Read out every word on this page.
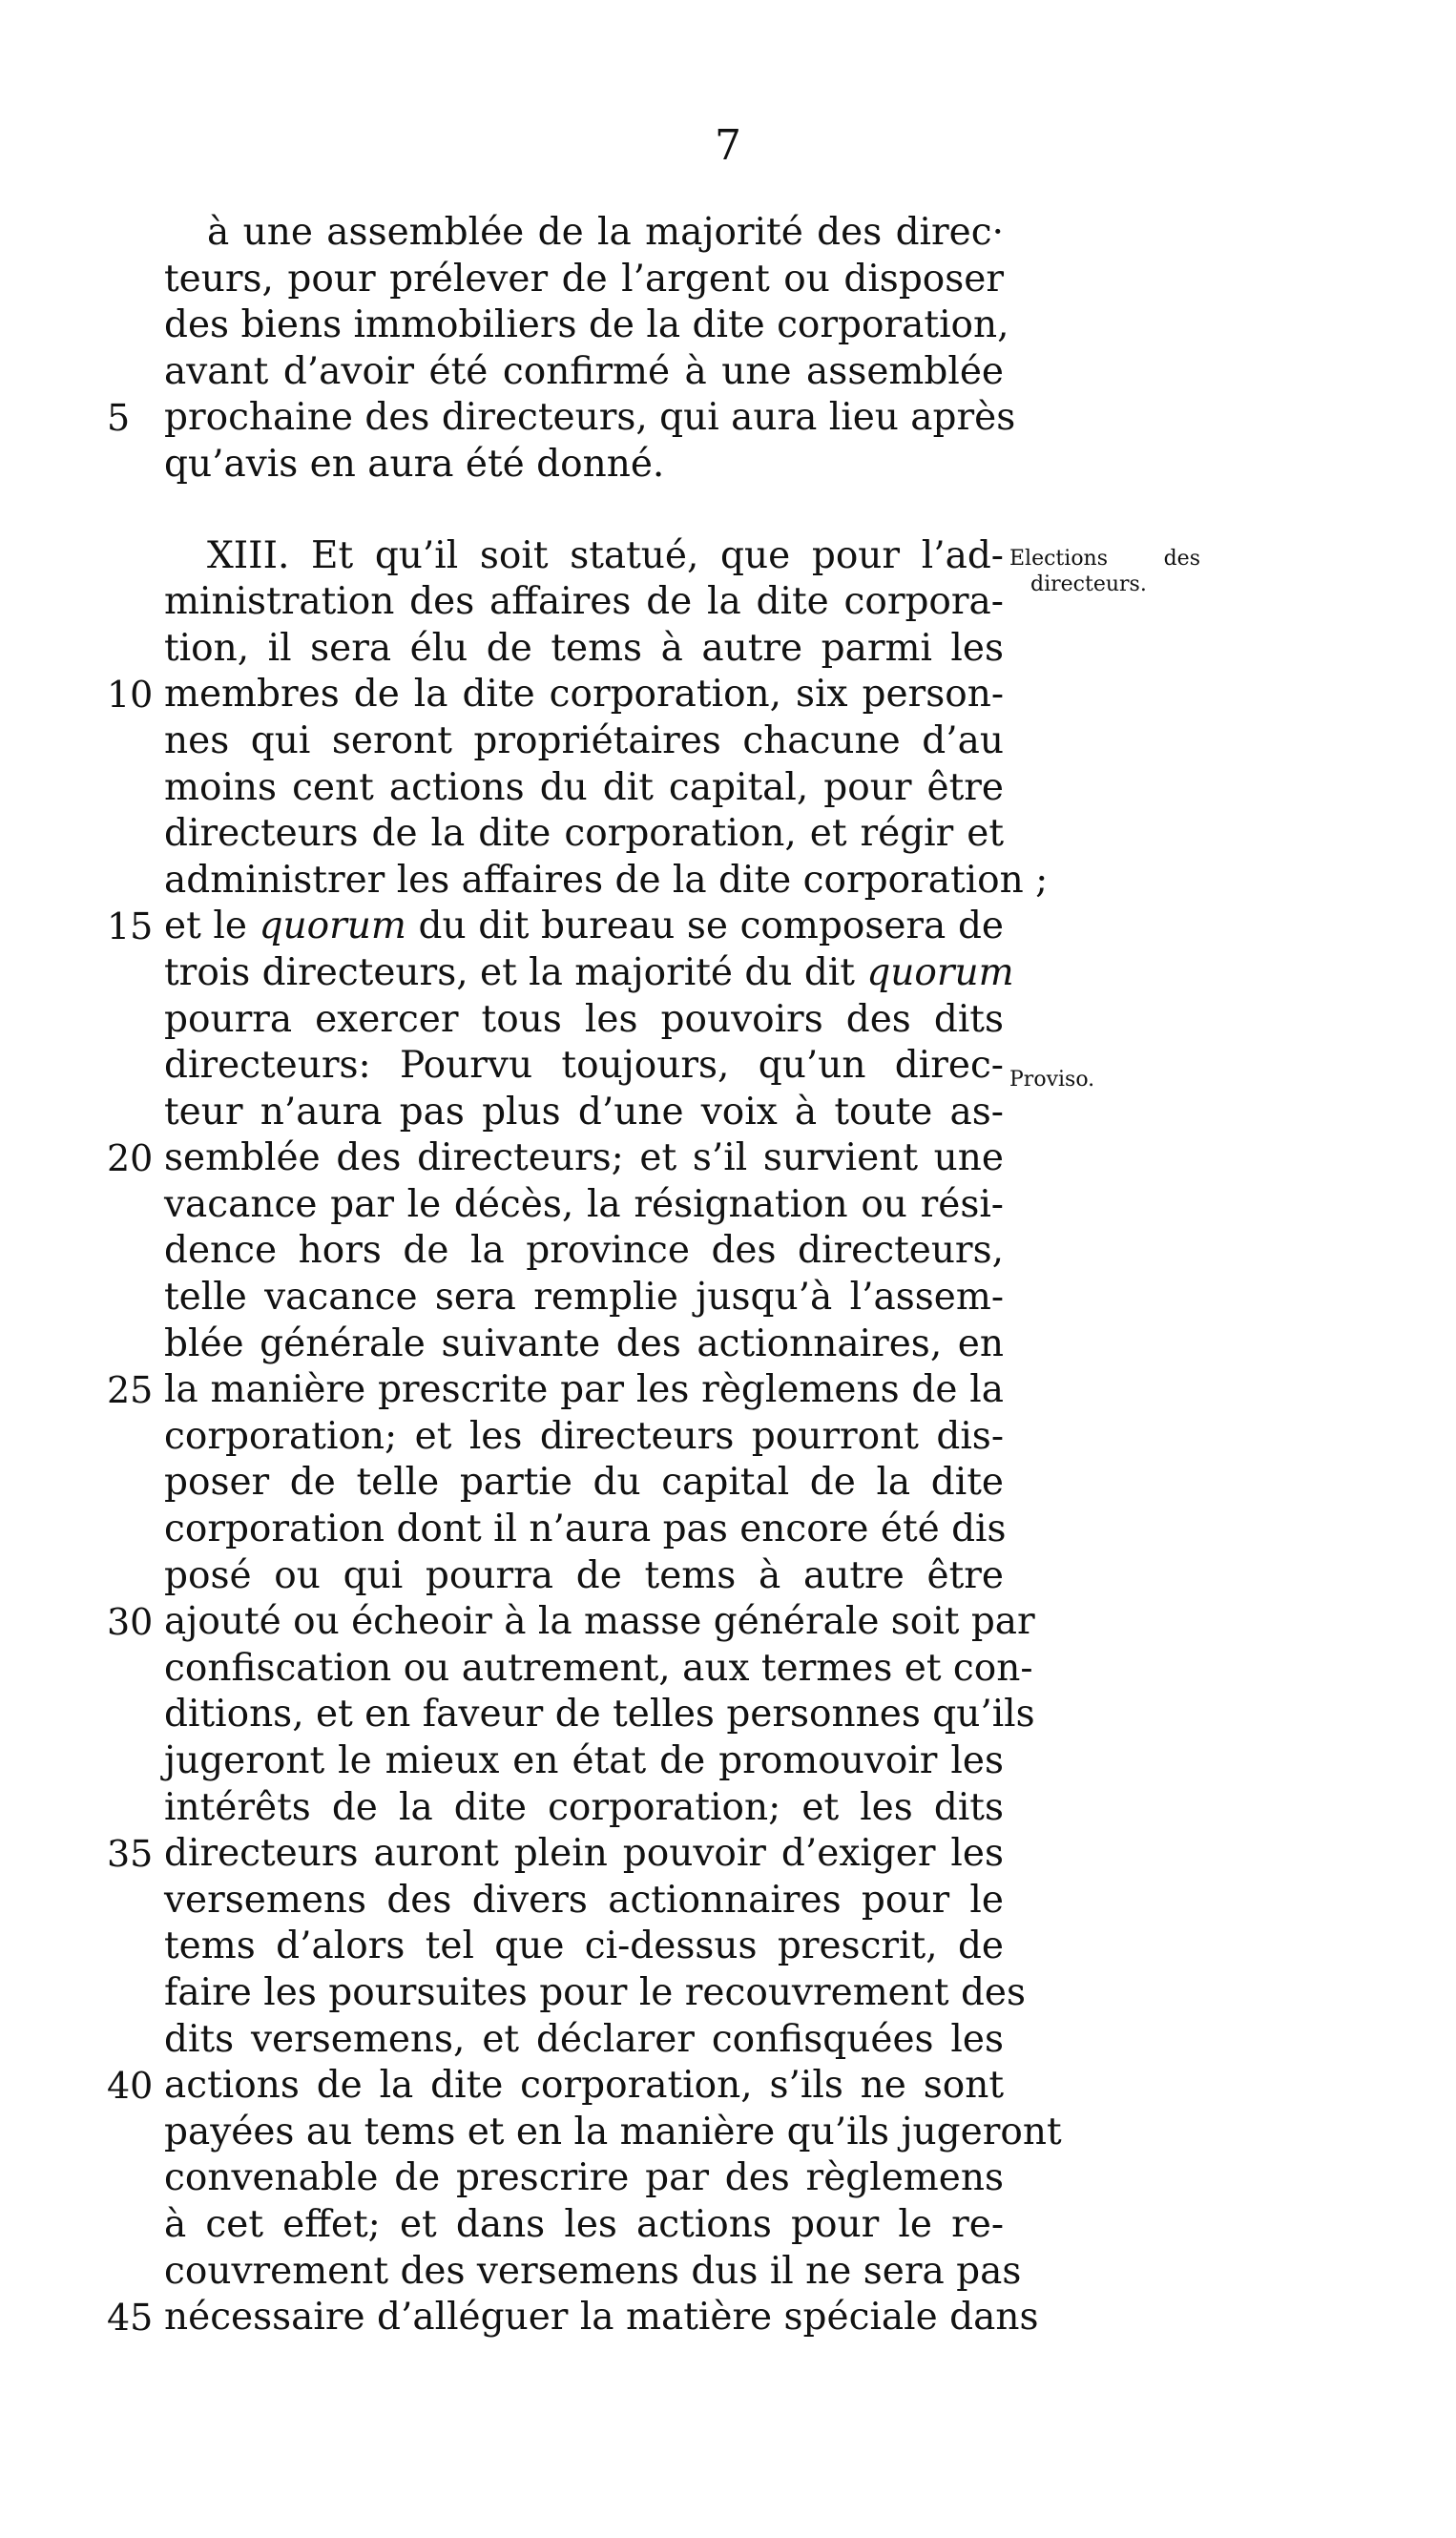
7
à une assemblée de la majorité des direc·
teurs, pour prélever de l’argent ou disposer
des biens immobiliers de la dite corporation,
avant d’avoir été confirmé à une assemblée
5 prochaine des directeurs, qui aura lieu après
qu’avis en aura été donné.
XIII. Et qu’il soit statué, que pour l’ad-
ministration des affaires de la dite corpora-
tion, il sera élu de tems à autre parmi les
10 membres de la dite corporation, six person-
nes qui seront propriétaires chacune d’au
moins cent actions du dit capital, pour être
directeurs de la dite corporation, et régir et
administrer les affaires de la dite corporation ;
15 et le quorum du dit bureau se composera de
trois directeurs, et la majorité du dit quorum
pourra exercer tous les pouvoirs des dits
directeurs: Pourvu toujours, qu’un direc-
teur n’aura pas plus d’une voix à toute as-
20 semblée des directeurs; et s’il survient une
vacance par le décès, la résignation ou rési-
dence hors de la province des directeurs,
telle vacance sera remplie jusqu’à l’assem-
blée générale suivante des actionnaires, en
25 la manière prescrite par les règlemens de la
corporation; et les directeurs pourront dis-
poser de telle partie du capital de la dite
corporation dont il n’aura pas encore été dis
posé ou qui pourra de tems à autre être
30 ajouté ou écheoir à la masse générale soit par
confiscation ou autrement, aux termes et con-
ditions, et en faveur de telles personnes qu’ils
jugeront le mieux en état de promouvoir les
intérêts de la dite corporation; et les dits
35 directeurs auront plein pouvoir d’exiger les
versemens des divers actionnaires pour le
tems d’alors tel que ci-dessus prescrit, de
faire les poursuites pour le recouvrement des
dits versemens, et déclarer confisquées les
40 actions de la dite corporation, s’ils ne sont
payées au tems et en la manière qu’ils jugeront
convenable de prescrire par des règlemens
à cet effet; et dans les actions pour le re-
couvrement des versemens dus il ne sera pas
45 nécessaire d’alléguer la matière spéciale dans
Elections	des
directeurs.
Proviso.
